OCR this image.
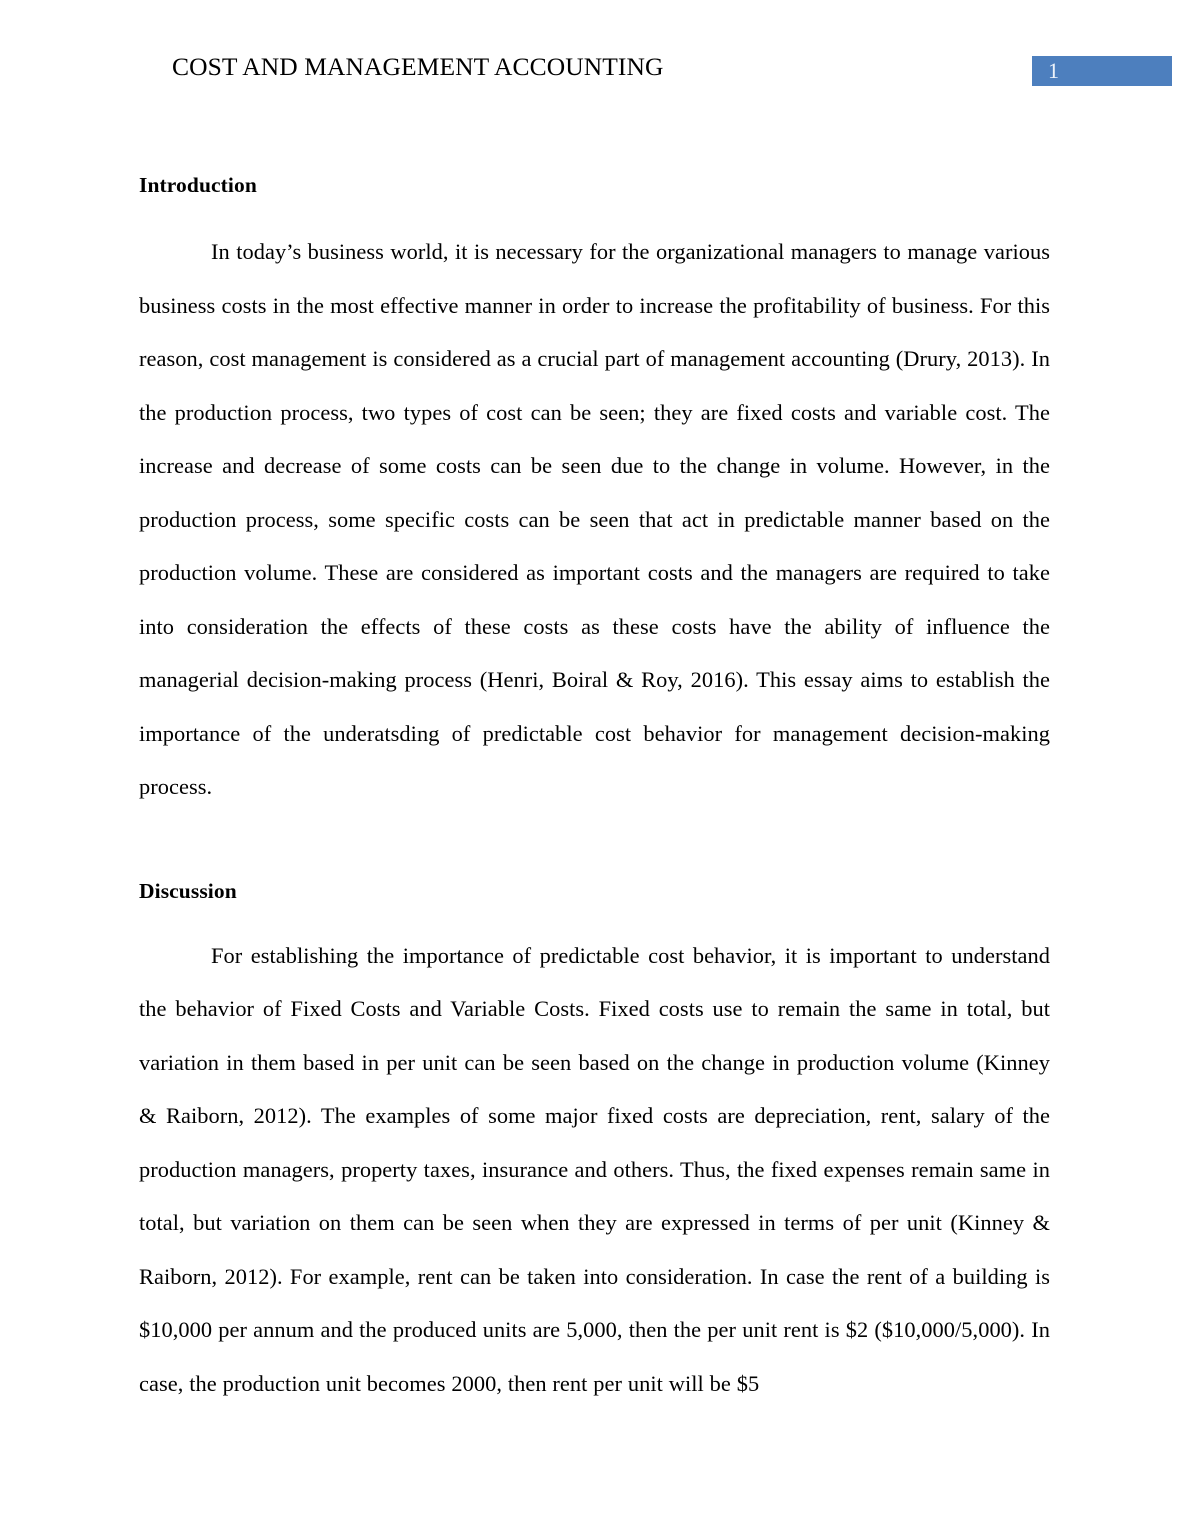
COST AND MANAGEMENT ACCOUNTING	1
Introduction

In today’s business world, it is necessary for the organizational managers to manage various business costs in the most effective manner in order to increase the profitability of business. For this reason, cost management is considered as a crucial part of management accounting (Drury, 2013). In the production process, two types of cost can be seen; they are fixed costs and variable cost. The increase and decrease of some costs can be seen due to the change in volume. However, in the production process, some specific costs can be seen that act in predictable manner based on the production volume. These are considered as important costs and the managers are required to take into consideration the effects of these costs as these costs have the ability of influence the managerial decision-making process (Henri, Boiral & Roy, 2016). This essay aims to establish the importance of the underatsding of predictable cost behavior for management decision-making process.

Discussion

For establishing the importance of predictable cost behavior, it is important to understand the behavior of Fixed Costs and Variable Costs. Fixed costs use to remain the same in total, but variation in them based in per unit can be seen based on the change in production volume (Kinney & Raiborn, 2012). The examples of some major fixed costs are depreciation, rent, salary of the production managers, property taxes, insurance and others. Thus, the fixed expenses remain same in total, but variation on them can be seen when they are expressed in terms of per unit (Kinney & Raiborn, 2012). For example, rent can be taken into consideration. In case the rent of a building is $10,000 per annum and the produced units are 5,000, then the per unit rent is $2 ($10,000/5,000). In case, the production unit becomes 2000, then rent per unit will be $5
